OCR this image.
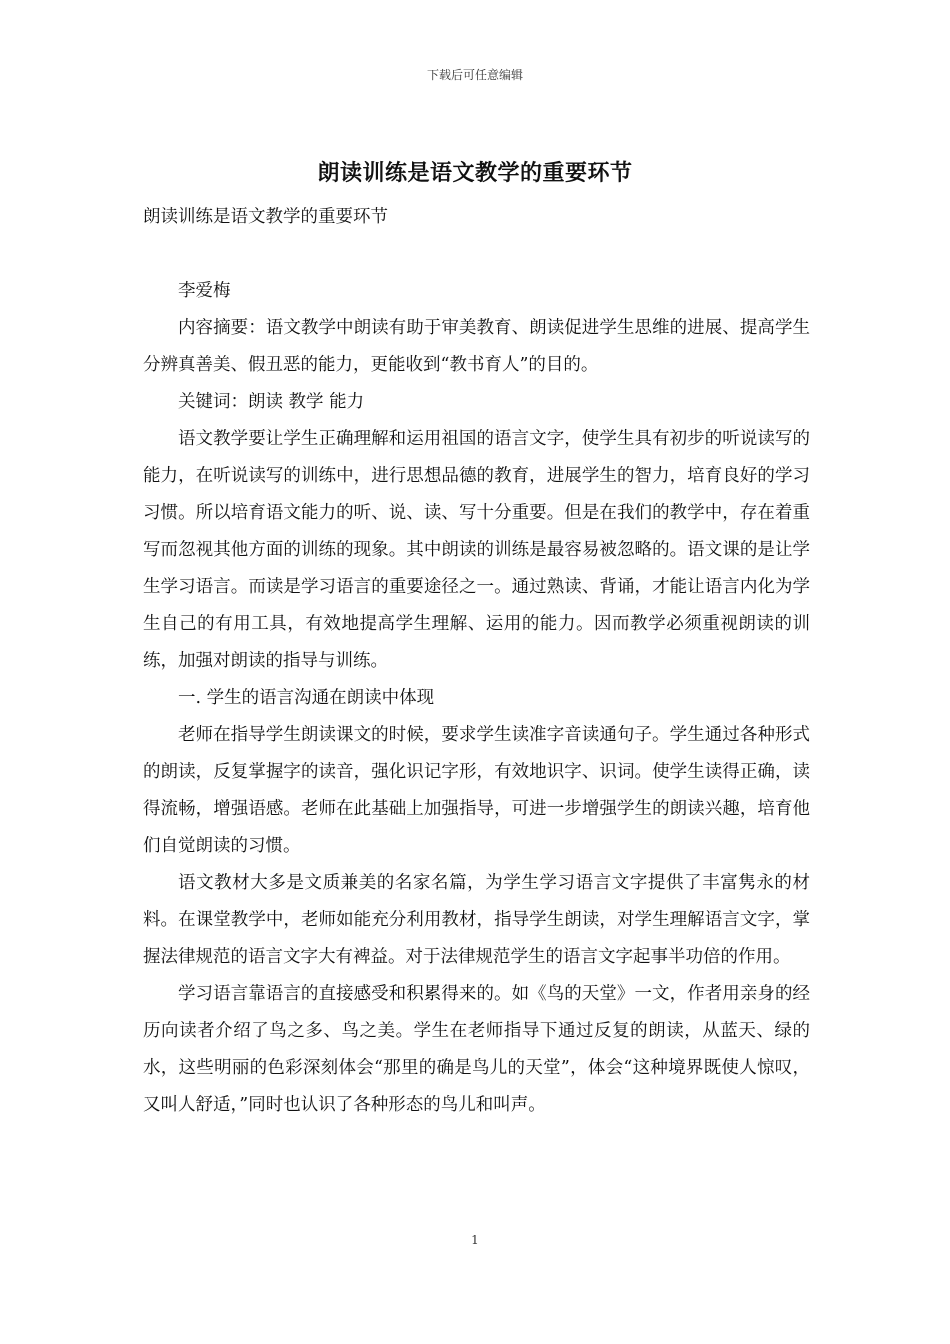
下载后可任意编辑
朗读训练是语文教学的重要环节

朗读训练是语文教学的重要环节

李爱梅

内容摘要：语文教学中朗读有助于审美教育、朗读促进学生思维的进展、提高学生分辨真善美、假丑恶的能力，更能收到“教书育人”的目的。

关键词：朗读 教学 能力

语文教学要让学生正确理解和运用祖国的语言文字，使学生具有初步的听说读写的能力，在听说读写的训练中，进行思想品德的教育，进展学生的智力，培育良好的学习习惯。所以培育语文能力的听、说、读、写十分重要。但是在我们的教学中，存在着重写而忽视其他方面的训练的现象。其中朗读的训练是最容易被忽略的。语文课的是让学生学习语言。而读是学习语言的重要途径之一。通过熟读、背诵，才能让语言内化为学生自己的有用工具，有效地提高学生理解、运用的能力。因而教学必须重视朗读的训练，加强对朗读的指导与训练。

一. 学生的语言沟通在朗读中体现

老师在指导学生朗读课文的时候，要求学生读准字音读通句子。学生通过各种形式的朗读，反复掌握字的读音，强化识记字形，有效地识字、识词。使学生读得正确，读得流畅，增强语感。老师在此基础上加强指导，可进一步增强学生的朗读兴趣，培育他们自觉朗读的习惯。

语文教材大多是文质兼美的名家名篇，为学生学习语言文字提供了丰富隽永的材料。在课堂教学中，老师如能充分利用教材，指导学生朗读，对学生理解语言文字，掌握法律规范的语言文字大有裨益。对于法律规范学生的语言文字起事半功倍的作用。

学习语言靠语言的直接感受和积累得来的。如《鸟的天堂》一文，作者用亲身的经历向读者介绍了鸟之多、鸟之美。学生在老师指导下通过反复的朗读，从蓝天、绿的水，这些明丽的色彩深刻体会“那里的确是鸟儿的天堂”，体会“这种境界既使人惊叹，又叫人舒适，”同时也认识了各种形态的鸟儿和叫声。

1
